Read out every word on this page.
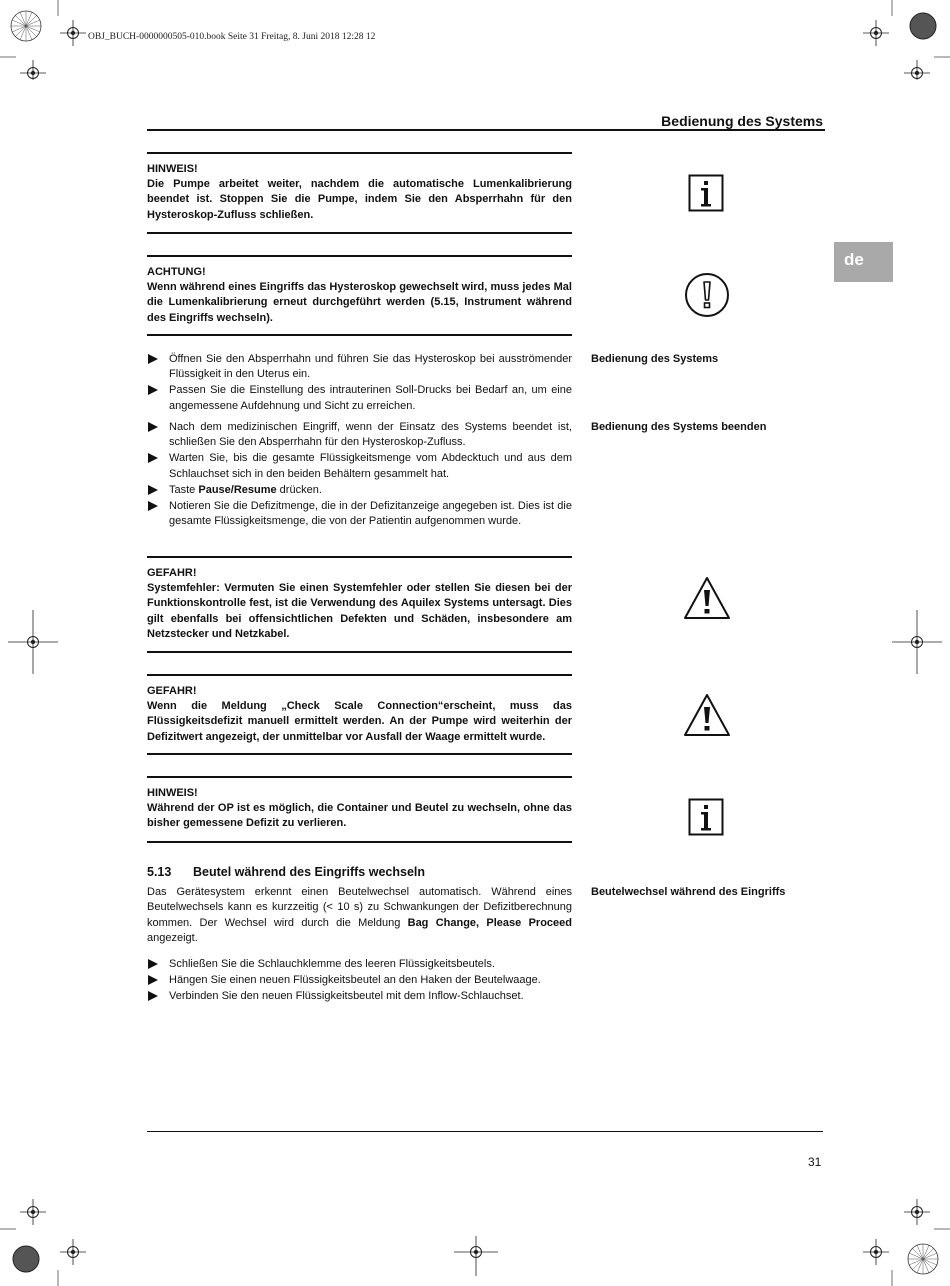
OBJ_BUCH-0000000505-010.book Seite 31 Freitag, 8. Juni 2018 12:28 12
Bedienung des Systems
de
HINWEIS!
Die Pumpe arbeitet weiter, nachdem die automatische Lumenkalibrierung beendet ist. Stoppen Sie die Pumpe, indem Sie den Absperrhahn für den Hysteroskop-Zufluss schließen.
ACHTUNG!
Wenn während eines Eingriffs das Hysteroskop gewechselt wird, muss jedes Mal die Lumenkalibrierung erneut durchgeführt werden (5.15, Instrument während des Eingriffs wechseln).
Bedienung des Systems
Öffnen Sie den Absperrhahn und führen Sie das Hysteroskop bei ausströmender Flüssigkeit in den Uterus ein.
Passen Sie die Einstellung des intrauterinen Soll-Drucks bei Bedarf an, um eine angemessene Aufdehnung und Sicht zu erreichen.
Bedienung des Systems beenden
Nach dem medizinischen Eingriff, wenn der Einsatz des Systems beendet ist, schließen Sie den Absperrhahn für den Hysteroskop-Zufluss.
Warten Sie, bis die gesamte Flüssigkeitsmenge vom Abdecktuch und aus dem Schlauchset sich in den beiden Behältern gesammelt hat.
Taste Pause/Resume drücken.
Notieren Sie die Defizitmenge, die in der Defizitanzeige angegeben ist. Dies ist die gesamte Flüssigkeitsmenge, die von der Patientin aufgenommen wurde.
GEFAHR!
Systemfehler: Vermuten Sie einen Systemfehler oder stellen Sie diesen bei der Funktionskontrolle fest, ist die Verwendung des Aquilex Systems untersagt. Dies gilt ebenfalls bei offensichtlichen Defekten und Schäden, insbesondere am Netzstecker und Netzkabel.
GEFAHR!
Wenn die Meldung „Check Scale Connection“erscheint, muss das Flüssigkeitsdefizit manuell ermittelt werden. An der Pumpe wird weiterhin der Defizitwert angezeigt, der unmittelbar vor Ausfall der Waage ermittelt wurde.
HINWEIS!
Während der OP ist es möglich, die Container und Beutel zu wechseln, ohne das bisher gemessene Defizit zu verlieren.
5.13 Beutel während des Eingriffs wechseln
Beutelwechsel während des Eingriffs
Das Gerätesystem erkennt einen Beutelwechsel automatisch. Während eines Beutelwechsels kann es kurzzeitig (< 10 s) zu Schwankungen der Defizitberechnung kommen. Der Wechsel wird durch die Meldung Bag Change, Please Proceed angezeigt.
Schließen Sie die Schlauchklemme des leeren Flüssigkeitsbeutels.
Hängen Sie einen neuen Flüssigkeitsbeutel an den Haken der Beutelwaage.
Verbinden Sie den neuen Flüssigkeitsbeutel mit dem Inflow-Schlauchset.
31
